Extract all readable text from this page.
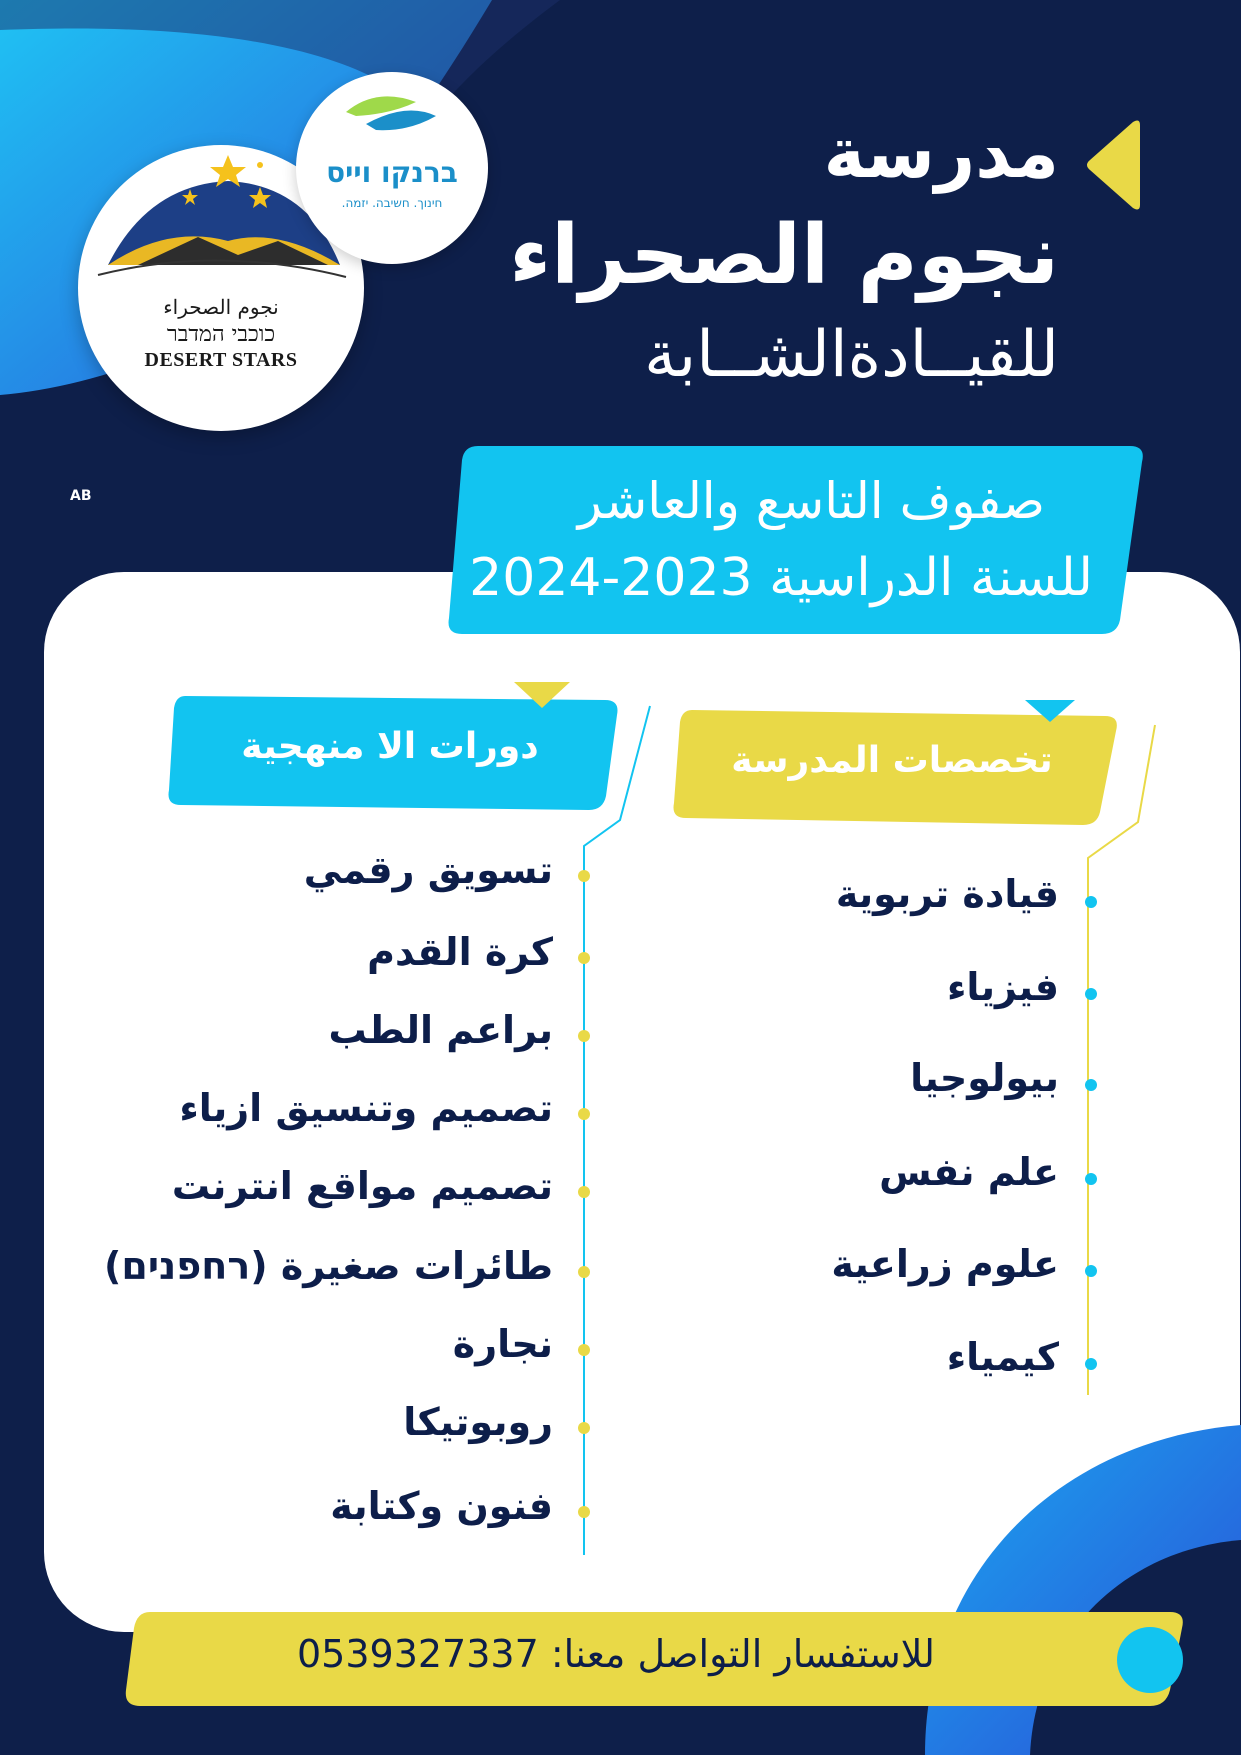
مدرسة
نجوم الصحراء
للقيــادةالشــابة
نجوم الصحراء
כוכבי המדבר
DESERT STARS
ברנקו וייס
חינוך. חשיבה. יזמה.
AB	صفوف التاسع والعاشر
للسنة الدراسية 2023-2024
تخصصات المدرسة
دورات الا منهجية
قيادة تربوية
فيزياء
بيولوجيا
علم نفس
علوم زراعية
كيمياء
تسويق رقمي
كرة القدم
براعم الطب
تصميم وتنسيق ازياء
تصميم مواقع انترنت
طائرات صغيرة (רחפנים)
نجارة
روبوتيكا
فنون وكتابة
للاستفسار التواصل معنا: 0539327337
